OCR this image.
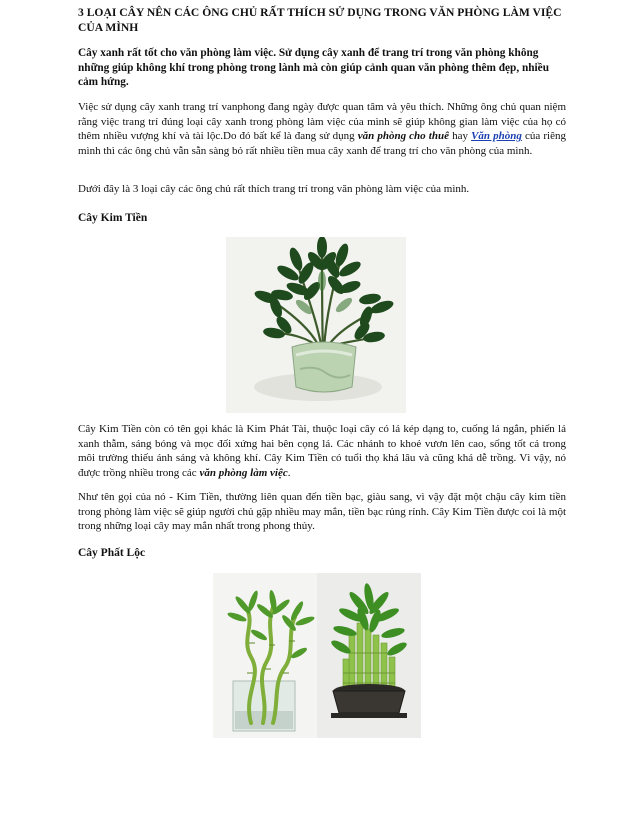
3 LOẠI CÂY NÊN CÁC ÔNG CHỦ RẤT THÍCH SỬ DỤNG TRONG VĂN PHÒNG LÀM VIỆC CỦA MÌNH

Cây xanh rất tốt cho văn phòng làm việc. Sử dụng cây xanh để trang trí trong văn phòng không những giúp không khí trong phòng trong lành mà còn giúp cảnh quan văn phòng thêm đẹp, nhiều cảm hứng.

Việc sử dụng cây xanh trang trí vanphong đang ngày được quan tâm và yêu thích. Những ông chủ quan niệm rằng việc trang trí đúng loại cây xanh trong phòng làm việc của mình sẽ giúp không gian làm việc của họ có thêm nhiều vượng khí và tài lộc.Do đó bất kể là đang sử dụng văn phòng cho thuê hay Văn phòng của riêng mình thì các ông chủ vẫn sẵn sàng bỏ rất nhiều tiền mua cây xanh để trang trí cho văn phòng của mình.

Dưới đây là 3 loại cây các ông chủ rất thích trang trí trong văn phòng làm việc của mình.

Cây Kim Tiền

Cây Kim Tiền còn có tên gọi khác là Kim Phát Tài, thuộc loại cây có lá kép dạng to, cuống lá ngắn, phiến lá xanh thẫm, sáng bóng và mọc đối xứng hai bên cọng lá. Các nhánh to khoẻ vươn lên cao, sống tốt cả trong môi trường thiếu ánh sáng và không khí. Cây Kim Tiền có tuổi thọ khá lâu và cũng khá dễ trồng. Vì vậy, nó được trồng nhiều trong các văn phòng làm việc.

Như tên gọi của nó - Kim Tiền, thường liên quan đến tiền bạc, giàu sang, vì vậy đặt một chậu cây kim tiền trong phòng làm việc sẽ giúp người chủ gặp nhiều may mắn, tiền bạc rủng rỉnh. Cây Kim Tiền được coi là một trong những loại cây may mắn nhất trong phong thủy.

Cây Phất Lộc
